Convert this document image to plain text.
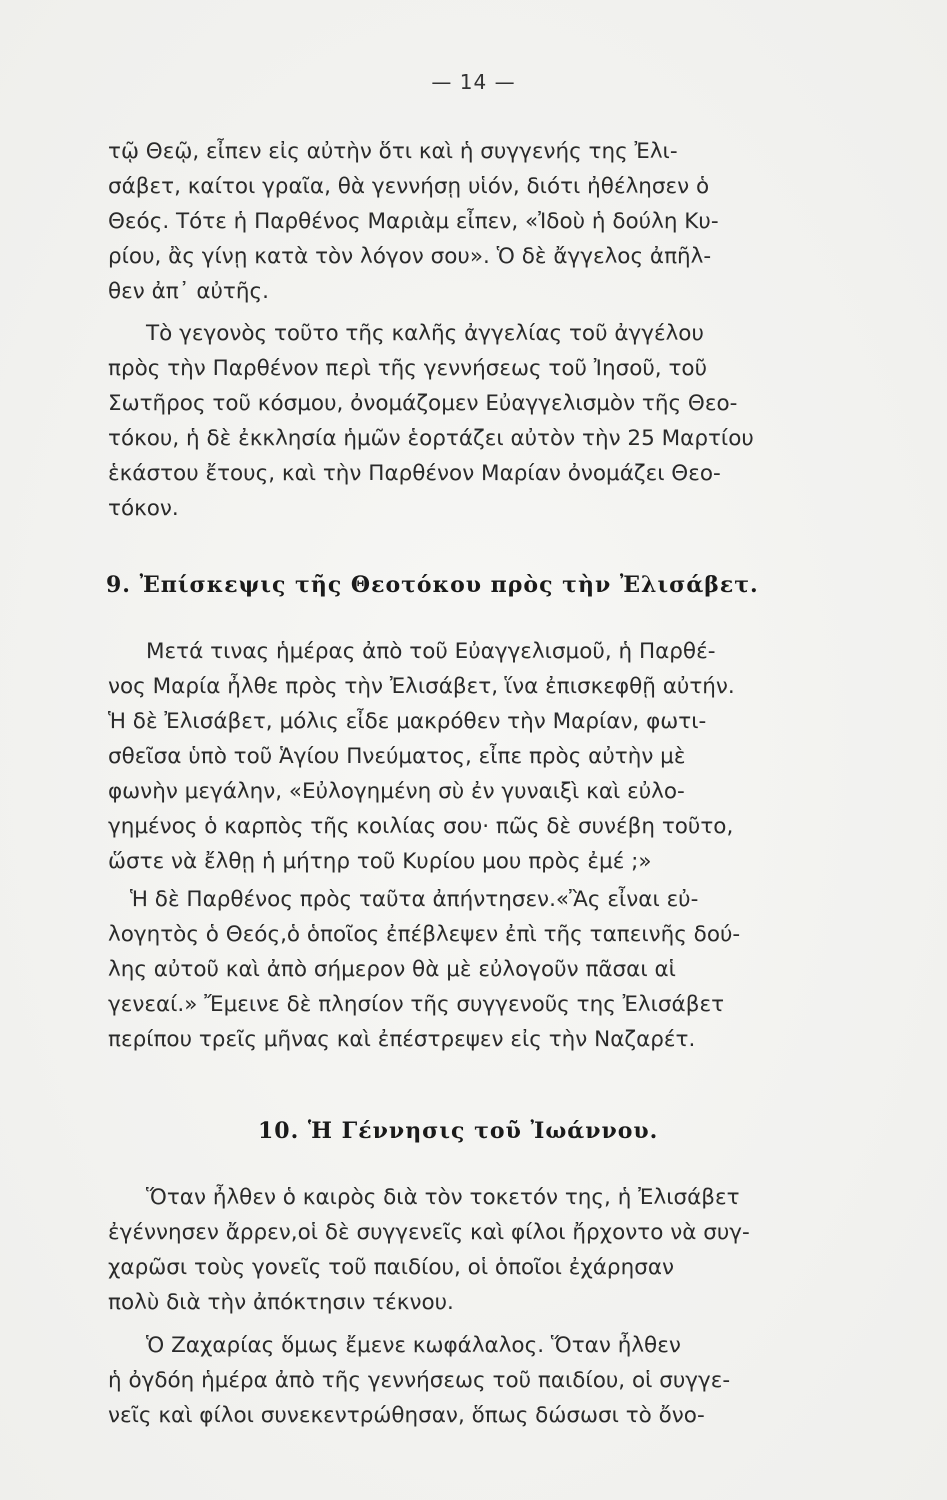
— 14 —
τῷ Θεῷ, εἶπεν εἰς αὐτὴν ὅτι καὶ ἡ συγγενής της Ἐλι-
σάβετ, καίτοι γραῖα, θὰ γεννήσῃ υἱόν, διότι ἠθέλησεν ὁ
Θεός. Τότε ἡ Παρθένος Μαριὰμ εἶπεν, «Ἰδοὺ ἡ δούλη Κυ-
ρίου, ἂς γίνῃ κατὰ τὸν λόγον σου». Ὁ δὲ ἄγγελος ἀπῆλ-
θεν ἀπ᾿ αὐτῆς.
Τὸ γεγονὸς τοῦτο τῆς καλῆς ἀγγελίας τοῦ ἀγγέλου
πρὸς τὴν Παρθένον περὶ τῆς γεννήσεως τοῦ Ἰησοῦ, τοῦ
Σωτῆρος τοῦ κόσμου, ὀνομάζομεν Εὐαγγελισμὸν τῆς Θεο-
τόκου, ἡ δὲ ἐκκλησία ἡμῶν ἑορτάζει αὐτὸν τὴν 25 Μαρτίου
ἑκάστου ἔτους, καὶ τὴν Παρθένον Μαρίαν ὀνομάζει Θεο-
τόκον.
9. Ἐπίσκεψις τῆς Θεοτόκου πρὸς τὴν Ἐλισάβετ.
Μετά τινας ἡμέρας ἀπὸ τοῦ Εὐαγγελισμοῦ, ἡ Παρθέ-
νος Μαρία ἦλθε πρὸς τὴν Ἐλισάβετ, ἵνα ἐπισκεφθῇ αὐτήν.
Ἡ δὲ Ἐλισάβετ, μόλις εἶδε μακρόθεν τὴν Μαρίαν, φωτι-
σθεῖσα ὑπὸ τοῦ Ἁγίου Πνεύματος, εἶπε πρὸς αὐτὴν μὲ
φωνὴν μεγάλην, «Εὐλογημένη σὺ ἐν γυναιξὶ καὶ εὐλο-
γημένος ὁ καρπὸς τῆς κοιλίας σου· πῶς δὲ συνέβη τοῦτο,
ὥστε νὰ ἔλθῃ ἡ μήτηρ τοῦ Κυρίου μου πρὸς ἐμέ ;»
Ἡ δὲ Παρθένος πρὸς ταῦτα ἀπήντησεν.«Ἂς εἶναι εὐ-
λογητὸς ὁ Θεός,ὁ ὁποῖος ἐπέβλεψεν ἐπὶ τῆς ταπεινῆς δού-
λης αὐτοῦ καὶ ἀπὸ σήμερον θὰ μὲ εὐλογοῦν πᾶσαι αἱ
γενεαί.» Ἔμεινε δὲ πλησίον τῆς συγγενοῦς της Ἐλισάβετ
περίπου τρεῖς μῆνας καὶ ἐπέστρεψεν εἰς τὴν Ναζαρέτ.
10. Ἡ Γέννησις τοῦ Ἰωάννου.
Ὅταν ἦλθεν ὁ καιρὸς διὰ τὸν τοκετόν της, ἡ Ἐλισάβετ
ἐγέννησεν ἄρρεν,οἱ δὲ συγγενεῖς καὶ φίλοι ἤρχοντο νὰ συγ-
χαρῶσι τοὺς γονεῖς τοῦ παιδίου, οἱ ὁποῖοι ἐχάρησαν
πολὺ διὰ τὴν ἀπόκτησιν τέκνου.
Ὁ Ζαχαρίας ὅμως ἔμενε κωφάλαλος. Ὅταν ἦλθεν
ἡ ὀγδόη ἡμέρα ἀπὸ τῆς γεννήσεως τοῦ παιδίου, οἱ συγγε-
νεῖς καὶ φίλοι συνεκεντρώθησαν, ὅπως δώσωσι τὸ ὄνο-
